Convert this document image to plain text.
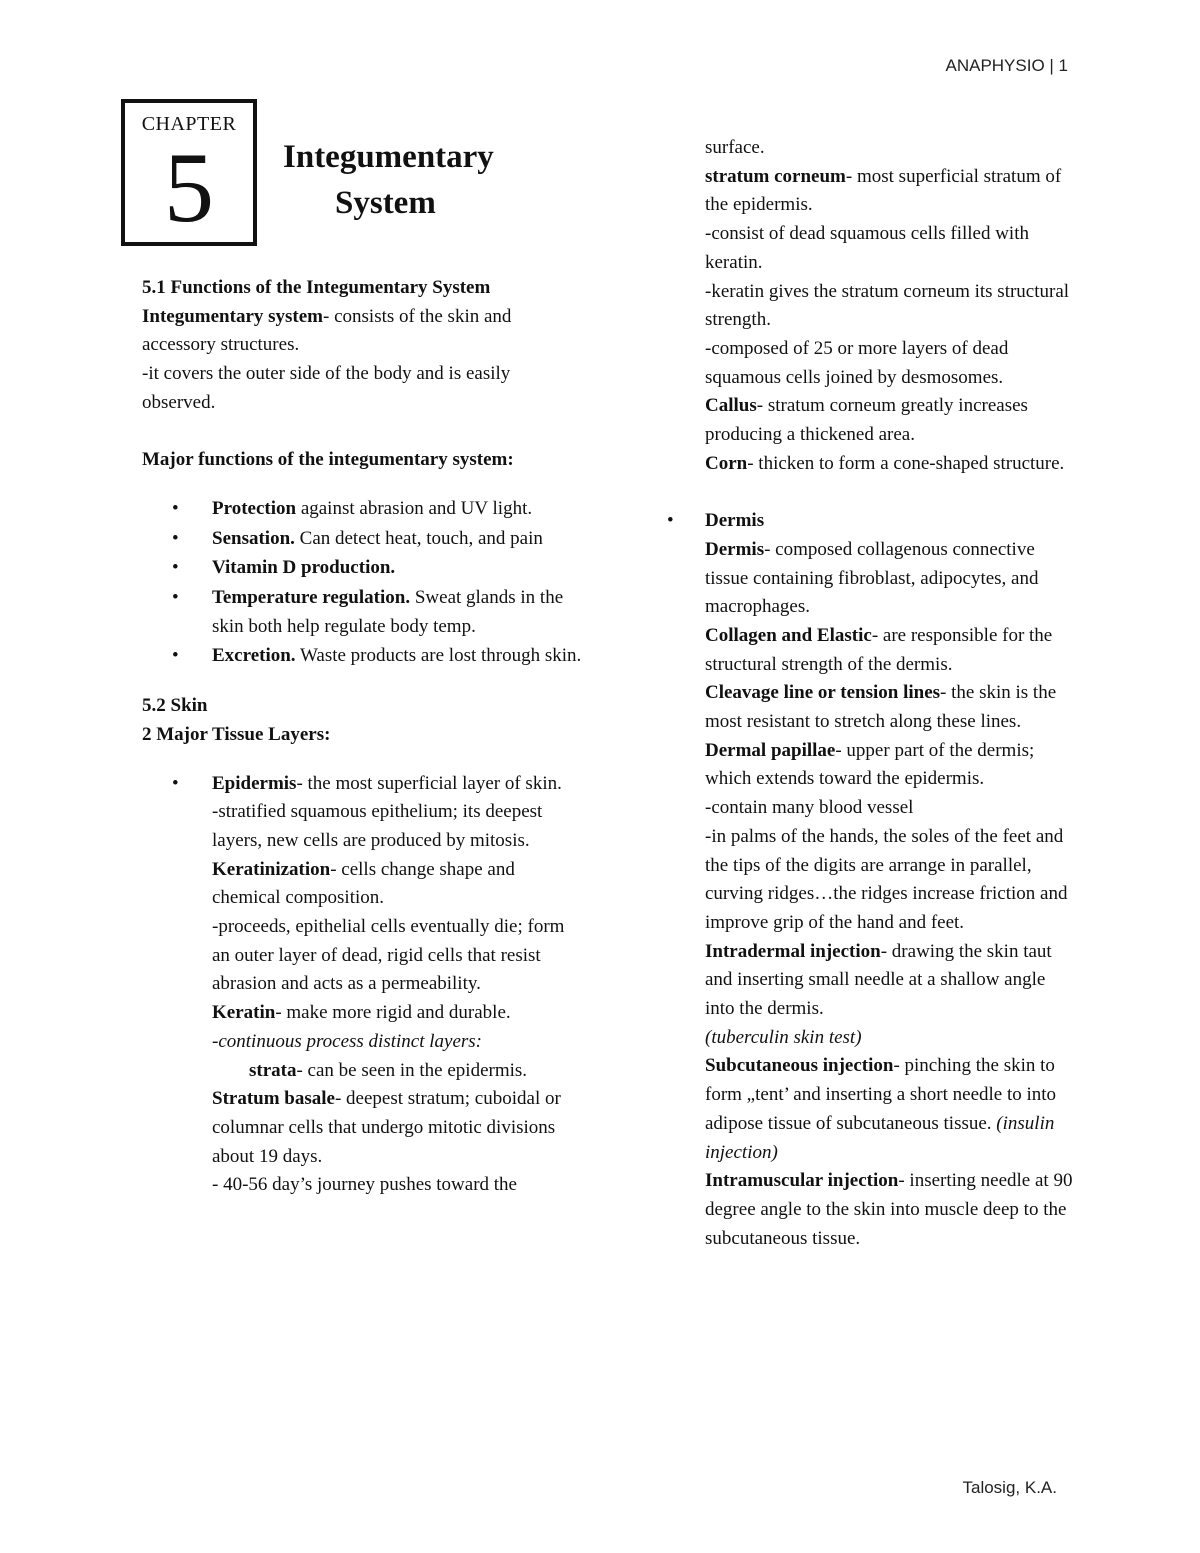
ANAPHYSIO | 1
CHAPTER
5	Integumentary
System
5.1 Functions of the Integumentary System
Integumentary system- consists of the skin and accessory structures.
-it covers the outer side of the body and is easily observed.
Major functions of the integumentary system:
• Protection against abrasion and UV light.
• Sensation. Can detect heat, touch, and pain
• Vitamin D production.
• Temperature regulation. Sweat glands in the skin both help regulate body temp.
• Excretion. Waste products are lost through skin.
5.2 Skin
2 Major Tissue Layers:
• Epidermis- the most superficial layer of skin.
-stratified squamous epithelium; its deepest layers, new cells are produced by mitosis.
Keratinization- cells change shape and chemical composition.
-proceeds, epithelial cells eventually die; form an outer layer of dead, rigid cells that resist abrasion and acts as a permeability.
Keratin- make more rigid and durable.
-continuous process distinct layers:
strata- can be seen in the epidermis.
Stratum basale- deepest stratum; cuboidal or columnar cells that undergo mitotic divisions about 19 days.
- 40-56 day’s journey pushes toward the
surface.
stratum corneum- most superficial stratum of the epidermis.
-consist of dead squamous cells filled with keratin.
-keratin gives the stratum corneum its structural strength.
-composed of 25 or more layers of dead squamous cells joined by desmosomes.
Callus- stratum corneum greatly increases producing a thickened area.
Corn- thicken to form a cone-shaped structure.
• Dermis
Dermis- composed collagenous connective tissue containing fibroblast, adipocytes, and macrophages.
Collagen and Elastic- are responsible for the structural strength of the dermis.
Cleavage line or tension lines- the skin is the most resistant to stretch along these lines.
Dermal papillae- upper part of the dermis; which extends toward the epidermis.
-contain many blood vessel
-in palms of the hands, the soles of the feet and the tips of the digits are arrange in parallel, curving ridges…the ridges increase friction and improve grip of the hand and feet.
Intradermal injection- drawing the skin taut and inserting small needle at a shallow angle into the dermis.
(tuberculin skin test)
Subcutaneous injection- pinching the skin to form „tent’ and inserting a short needle to into adipose tissue of subcutaneous tissue. (insulin injection)
Intramuscular injection- inserting needle at 90 degree angle to the skin into muscle deep to the subcutaneous tissue.
Talosig, K.A.
